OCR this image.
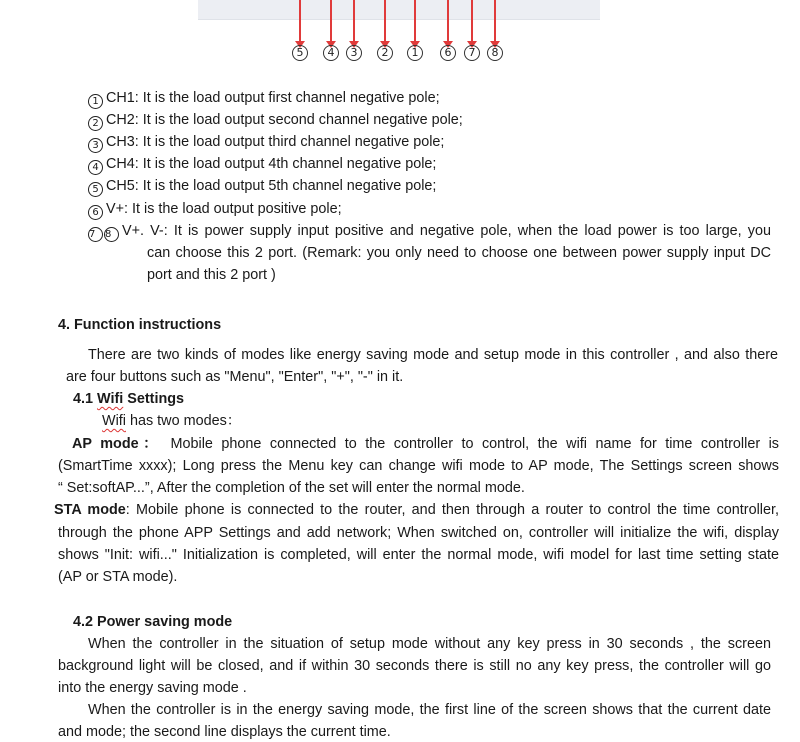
5	4	3	2	1	6	7	8
1 CH1: It is the load output first channel negative pole;
2 CH2: It is the load output second channel negative pole;
3 CH3: It is the load output third channel negative pole;
4 CH4: It is the load output 4th channel negative pole;
5 CH5: It is the load output 5th channel negative pole;
6 V+: It is the load output positive pole;
7 8 V+. V-: It is power supply input positive and negative pole, when the load power is too large, you
can choose this 2 port. (Remark: you only need to choose one between power supply input DC
port and this 2 port )
4. Function instructions
There are two kinds of modes like energy saving mode and setup mode in this controller , and also there
are four buttons such as "Menu", "Enter", "+", "-" in it.
4.1 Wifi Settings
Wifi has two modes：
AP mode： Mobile phone connected to the controller to control, the wifi name for time controller is
(SmartTime xxxx); Long press the Menu key can change wifi mode to AP mode, The Settings screen shows
“ Set:softAP...”, After the completion of the set will enter the normal mode.
STA mode: Mobile phone is connected to the router, and then through a router to control the time controller,
through the phone APP Settings and add network; When switched on, controller will initialize the wifi, display
shows "Init: wifi..." Initialization is completed, will enter the normal mode, wifi model for last time setting state
(AP or STA mode).
4.2 Power saving mode
When the controller in the situation of setup mode without any key press in 30 seconds , the screen
background light will be closed, and if within 30 seconds there is still no any key press, the controller will go
into the energy saving mode .
When the controller is in the energy saving mode, the first line of the screen shows that the current date
and mode; the second line displays the current time.
